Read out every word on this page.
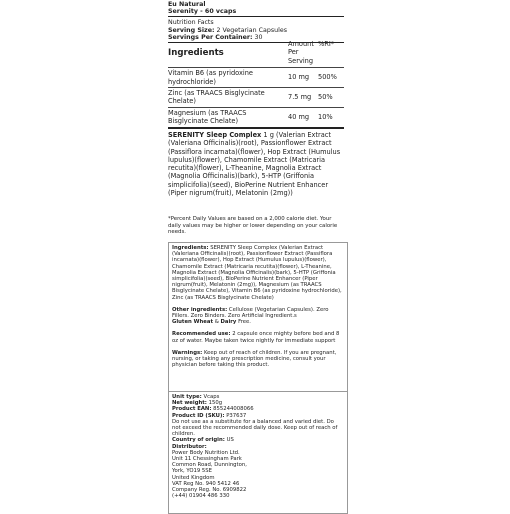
Eu Natural
Serenity - 60 vcaps
Nutrition Facts
Serving Size: 2 Vegetarian Capsules
Servings Per Container: 30
Ingredients	Amount Per Serving	%RI*
Vitamin B6 (as pyridoxine hydrochloride)	10 mg	500%
Zinc (as TRAACS Bisglycinate Chelate)	7.5 mg	50%
Magnesium (as TRAACS Bisglycinate Chelate)	40 mg	10%
SERENITY Sleep Complex 1 g (Valerian Extract (Valeriana Officinalis)(root), Passionflower Extract (Passiflora incarnata)(flower), Hop Extract (Humulus lupulus)(flower), Chamomile Extract (Matricaria recutita)(flower), L-Theanine, Magnolia Extract (Magnolia Officinalis)(bark), 5-HTP (Griffonia simplicifolia)(seed), BioPerine Nutrient Enhancer (Piper nigrum(fruit), Melatonin (2mg))
*Percent Daily Values are based on a 2,000 calorie diet. Your daily values may be higher or lower depending on your calorie needs.

Ingredients: SERENITY Sleep Complex (Valerian Extract (Valeriana Officinalis)(root), Passionflower Extract (Passiflora incarnata)(flower), Hop Extract (Humulus lupulus)(flower), Chamomile Extract (Matricaria recutita)(flower), L-Theanine, Magnolia Extract (Magnolia Officinalis)(bark), 5-HTP (Griffonia simplicifolia)(seed), BioPerine Nutrient Enhancer (Piper nigrum(fruit), Melatonin (2mg)), Magnesium (as TRAACS Bisglycinate Chelate), Vitamin B6 (as pyridoxine hydrochloride), Zinc (as TRAACS Bisglycinate Chelate)

Other ingredients: Cellulose (Vegetarian Capsules). Zero Fillers. Zero Binders. Zero Artificial Ingredient.s

Gluten Wheat & Dairy Free.

Recommended use: 2 capsule once mighty before bed and 8 oz of water. Maybe taken twice nightly for immediate support

Warnings: Keep out of reach of children. If you are pregnant, nursing, or taking any prescription medicine, consult your physician before taking this product.

Unit type: Vcaps

Net weight: 150g

Product EAN: 855244008066

Product ID (SKU): P37637

Do not use as a substitute for a balanced and varied diet. Do not exceed the recommended daily dose. Keep out of reach of children.

Country of origin: US

Distributor:

Power Body Nutrition Ltd.

Unit 11 Chessingham Park

Common Road, Dunnington,

York, YO19 5SE

United Kingdom

VAT Reg No. 940 5412 46

Company Reg. No. 6909822

(+44) 01904 486 330
